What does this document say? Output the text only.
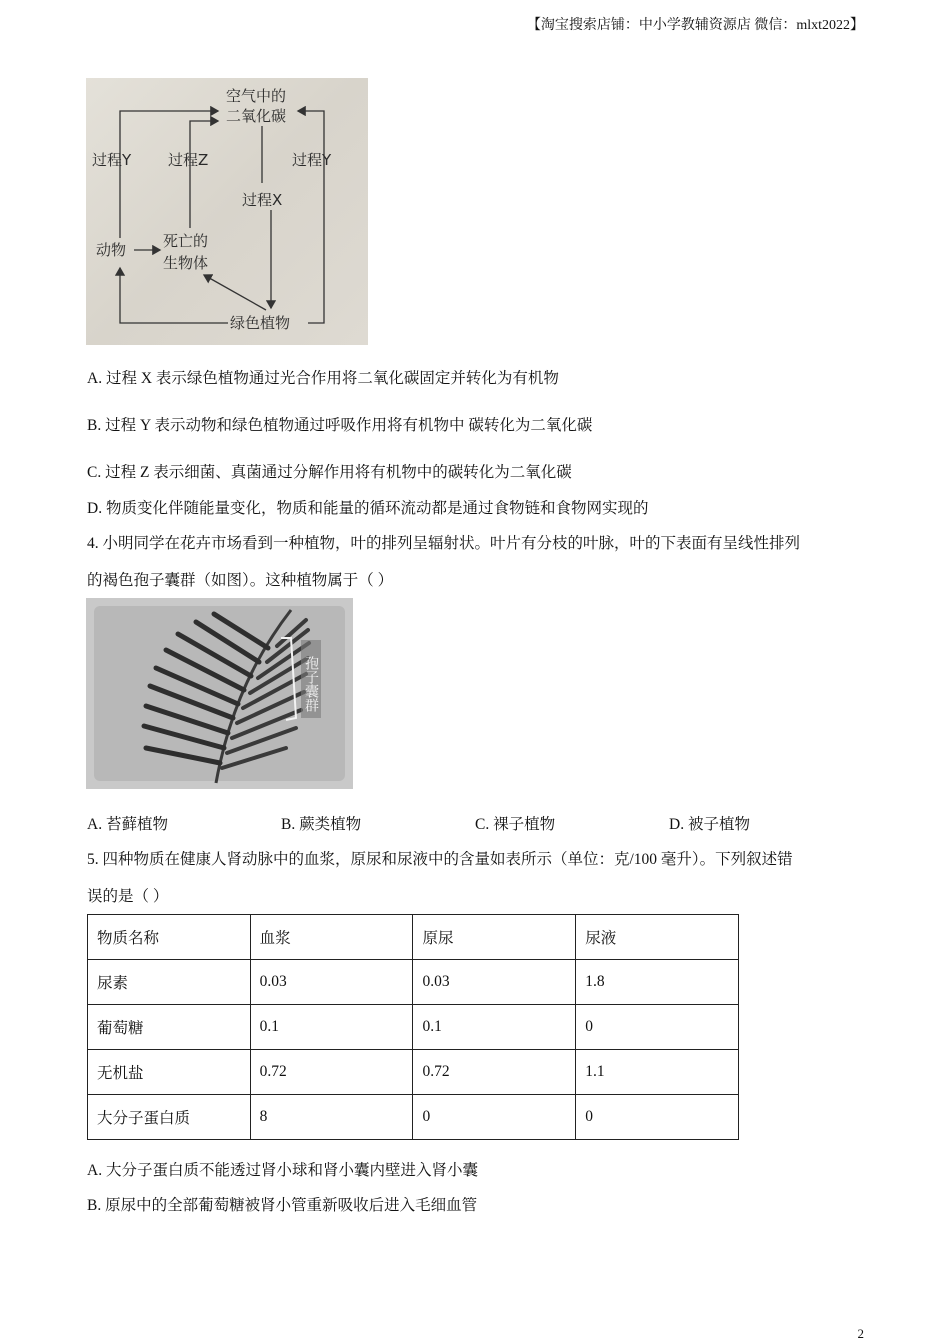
【淘宝搜索店铺：中小学教辅资源店 微信：mlxt2022】
空气中的
二氧化碳
过程Y 过程Z	过程Y
过程X
动物 死亡的
生物体
绿色植物
A. 过程 X 表示绿色植物通过光合作用将二氧化碳固定并转化为有机物
B. 过程 Y 表示动物和绿色植物通过呼吸作用将有机物中 碳转化为二氧化碳
C. 过程 Z 表示细菌、真菌通过分解作用将有机物中的碳转化为二氧化碳
D. 物质变化伴随能量变化，物质和能量的循环流动都是通过食物链和食物网实现的
4. 小明同学在花卉市场看到一种植物，叶的排列呈辐射状。叶片有分枝的叶脉，叶的下表面有呈线性排列
的褐色孢子囊群（如图）。这种植物属于（ ）
孢子囊群
A. 苔藓植物	B. 蕨类植物	C. 裸子植物	D. 被子植物
5. 四种物质在健康人肾动脉中的血浆，原尿和尿液中的含量如表所示（单位：克/100 毫升）。下列叙述错
误的是（ ）
物质名称	血浆	原尿	尿液
尿素	0.03	0.03	1.8
葡萄糖	0.1	0.1	0
无机盐	0.72	0.72	1.1
大分子蛋白质	8	0	0
A. 大分子蛋白质不能透过肾小球和肾小囊内壁进入肾小囊
B. 原尿中的全部葡萄糖被肾小管重新吸收后进入毛细血管
2
